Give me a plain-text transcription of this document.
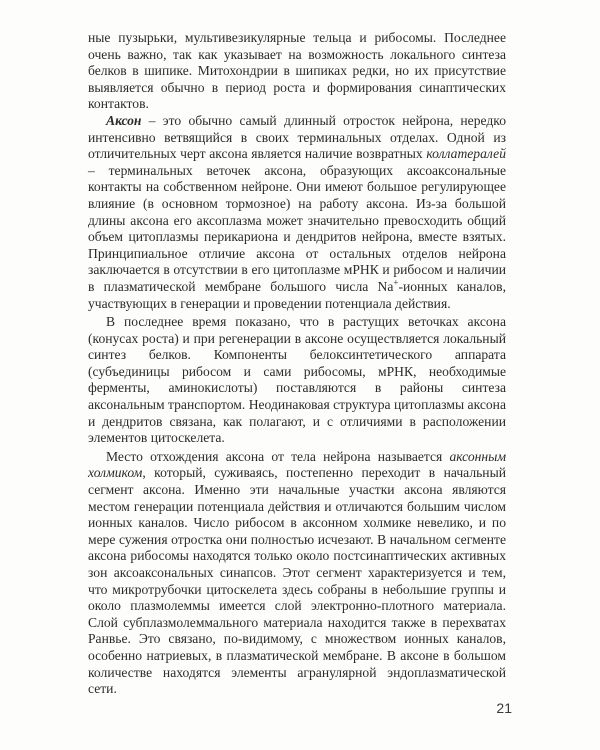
ные пузырьки, мультивезикулярные тельца и рибосомы. Последнее очень важно, так как указывает на возможность локального синтеза белков в шипике. Митохондрии в шипиках редки, но их присутствие выявляется обычно в период роста и формирования синаптических контактов.

Аксон – это обычно самый длинный отросток нейрона, нередко интенсивно ветвящийся в своих терминальных отделах. Одной из отличительных черт аксона является наличие возвратных коллатералей – терминальных веточек аксона, образующих аксоаксональные контакты на собственном нейроне. Они имеют большое регулирующее влияние (в основном тормозное) на работу аксона. Из-за большой длины аксона его аксоплазма может значительно превосходить общий объем цитоплазмы перикариона и дендритов нейрона, вместе взятых. Принципиальное отличие аксона от остальных отделов нейрона заключается в отсутствии в его цитоплазме мРНК и рибосом и наличии в плазматической мембране большого числа Na+-ионных каналов, участвующих в генерации и проведении потенциала действия.

В последнее время показано, что в растущих веточках аксона (конусах роста) и при регенерации в аксоне осуществляется локальный синтез белков. Компоненты белоксинтетического аппарата (субъединицы рибосом и сами рибосомы, мРНК, необходимые ферменты, аминокислоты) поставляются в районы синтеза аксональным транспортом. Неодинаковая структура цитоплазмы аксона и дендритов связана, как полагают, и с отличиями в расположении элементов цитоскелета.

Место отхождения аксона от тела нейрона называется аксонным холмиком, который, суживаясь, постепенно переходит в начальный сегмент аксона. Именно эти начальные участки аксона являются местом генерации потенциала действия и отличаются большим числом ионных каналов. Число рибосом в аксонном холмике невелико, и по мере сужения отростка они полностью исчезают. В начальном сегменте аксона рибосомы находятся только около постсинаптических активных зон аксоаксональных синапсов. Этот сегмент характеризуется и тем, что микротрубочки цитоскелета здесь собраны в небольшие группы и около плазмолеммы имеется слой электронно-плотного материала. Слой субплазмолеммального материала находится также в перехватах Ранвье. Это связано, по-видимому, с множеством ионных каналов, особенно натриевых, в плазматической мембране. В аксоне в большом количестве находятся элементы агранулярной эндоплазматической сети.

21
